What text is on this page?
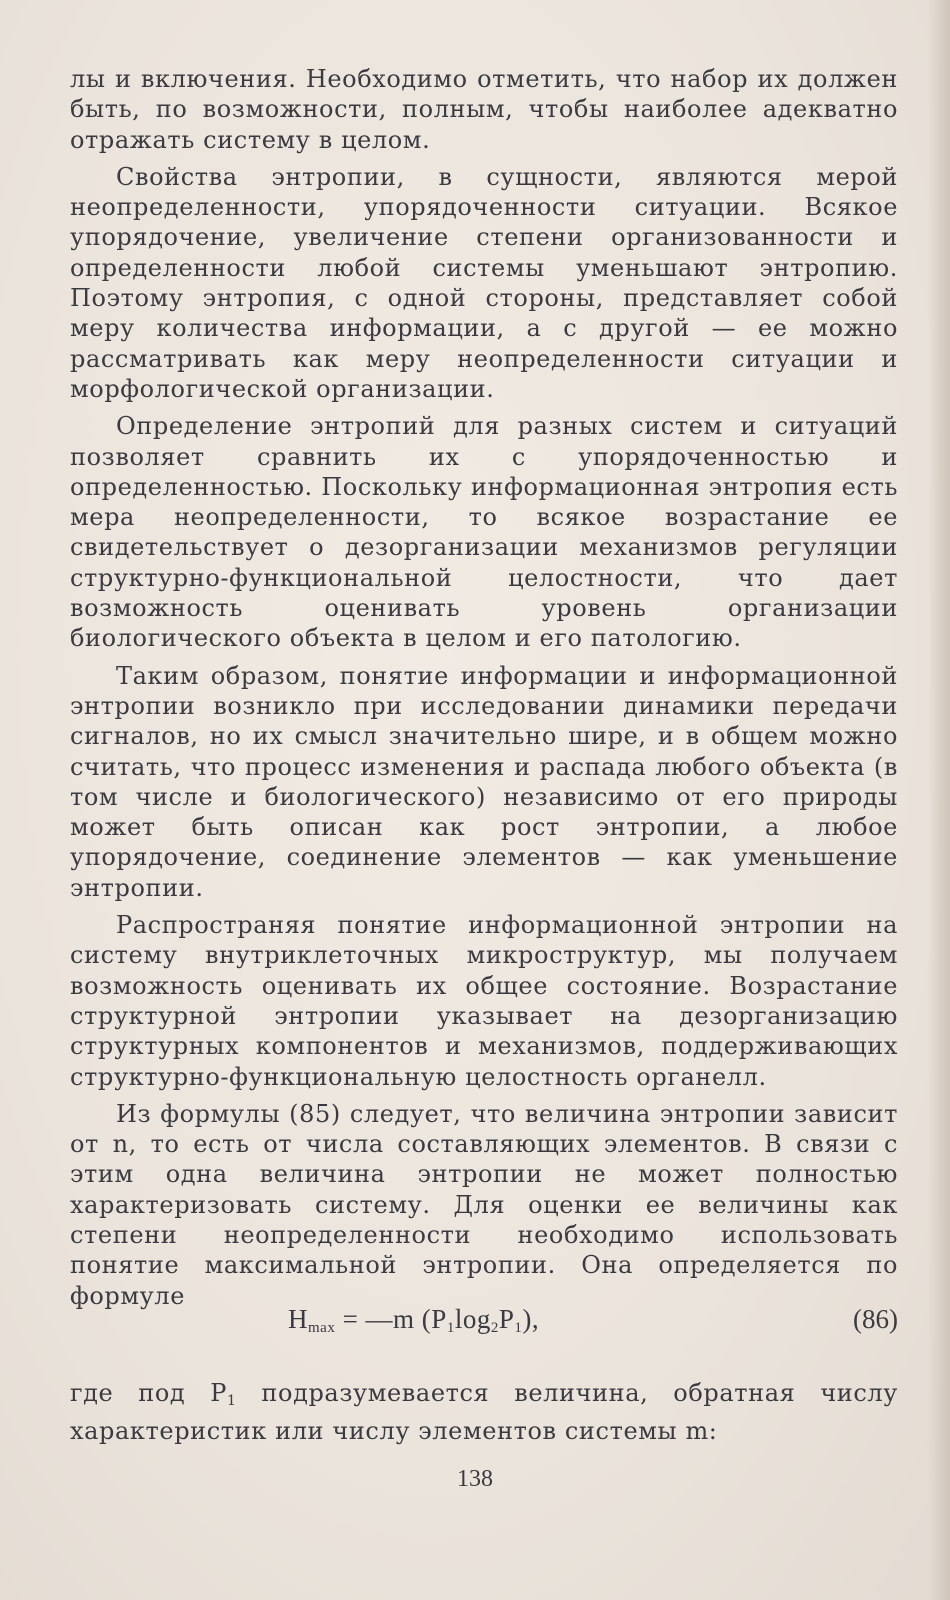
лы и включения. Необходимо отметить, что набор их должен быть, по возможности, полным, чтобы наиболее адекватно отражать систему в целом.

Свойства энтропии, в сущности, являются мерой неопределенности, упорядоченности ситуации. Всякое упорядочение, увеличение степени организованности и определенности любой системы уменьшают энтропию. Поэтому энтропия, с одной стороны, представляет собой меру количества информации, а с другой — ее можно рассматривать как меру неопределенности ситуации и морфологической организации.

Определение энтропий для разных систем и ситуаций позволяет сравнить их с упорядоченностью и определенностью. Поскольку информационная энтропия есть мера неопределенности, то всякое возрастание ее свидетельствует о дезорганизации механизмов регуляции структурно-функциональной целостности, что дает возможность оценивать уровень организации биологического объекта в целом и его патологию.

Таким образом, понятие информации и информационной энтропии возникло при исследовании динамики передачи сигналов, но их смысл значительно шире, и в общем можно считать, что процесс изменения и распада любого объекта (в том числе и биологического) независимо от его природы может быть описан как рост энтропии, а любое упорядочение, соединение элементов — как уменьшение энтропии.

Распространяя понятие информационной энтропии на систему внутриклеточных микроструктур, мы получаем возможность оценивать их общее состояние. Возрастание структурной энтропии указывает на дезорганизацию структурных компонентов и механизмов, поддерживающих структурно-функциональную целостность органелл.

Из формулы (85) следует, что величина энтропии зависит от n, то есть от числа составляющих элементов. В связи с этим одна величина энтропии не может полностью характеризовать систему. Для оценки ее величины как степени неопределенности необходимо использовать понятие максимальной энтропии. Она определяется по формуле

$H_{max}$ = —m $(P_1\log_2P_1)$,	(86)

где под $P_1$ подразумевается величина, обратная числу характеристик или числу элементов системы m:

138
